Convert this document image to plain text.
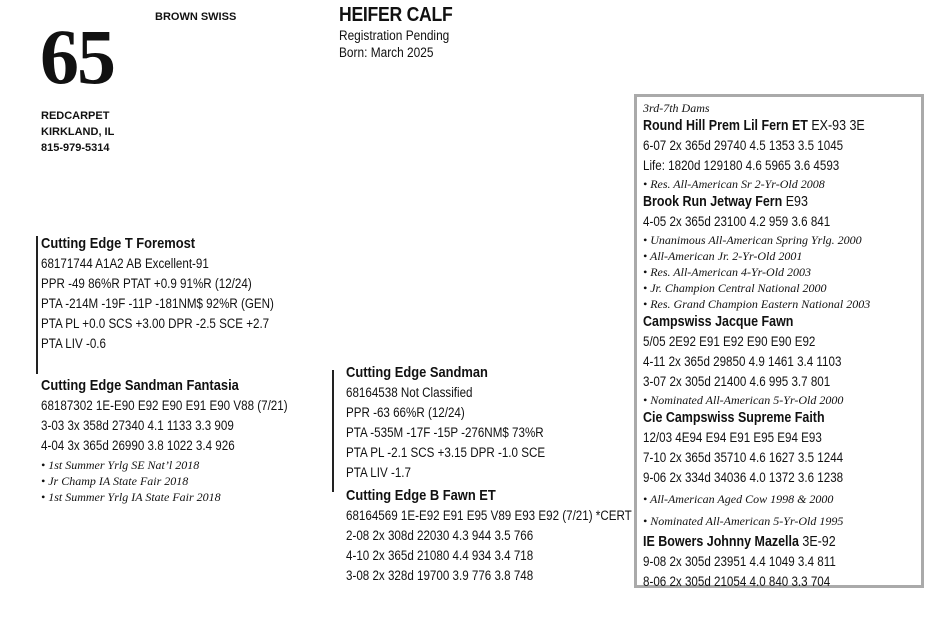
65	BROWN SWISS
REDCARPET
KIRKLAND, IL
815-979-5314
HEIFER CALF
Registration Pending
Born: March 2025
Cutting Edge T Foremost
68171744 A1A2 AB Excellent-91
PPR -49 86%R PTAT +0.9 91%R (12/24)
PTA -214M -19F -11P -181NM$ 92%R (GEN)
PTA PL +0.0 SCS +3.00 DPR -2.5 SCE +2.7
PTA LIV -0.6
Cutting Edge Sandman Fantasia
68187302 1E-E90 E92 E90 E91 E90 V88 (7/21)
3-03 3x 358d 27340 4.1 1133 3.3 909
4-04 3x 365d 26990 3.8 1022 3.4 926
• 1st Summer Yrlg SE Nat’l 2018
• Jr Champ IA State Fair 2018
• 1st Summer Yrlg IA State Fair 2018
Cutting Edge Sandman
68164538 Not Classified
PPR -63 66%R (12/24)
PTA -535M -17F -15P -276NM$ 73%R
PTA PL -2.1 SCS +3.15 DPR -1.0 SCE
PTA LIV -1.7
Cutting Edge B Fawn ET
68164569 1E-E92 E91 E95 V89 E93 E92 (7/21) *CERT
2-08 2x 308d 22030 4.3 944 3.5 766
4-10 2x 365d 21080 4.4 934 3.4 718
3-08 2x 328d 19700 3.9 776 3.8 748
3rd-7th Dams
Round Hill Prem Lil Fern ET EX-93 3E
6-07 2x 365d 29740 4.5 1353 3.5 1045
Life: 1820d 129180 4.6 5965 3.6 4593
• Res. All-American Sr 2-Yr-Old 2008
Brook Run Jetway Fern E93
4-05 2x 365d 23100 4.2 959 3.6 841
• Unanimous All-American Spring Yrlg. 2000
• All-American Jr. 2-Yr-Old 2001
• Res. All-American 4-Yr-Old 2003
• Jr. Champion Central National 2000
• Res. Grand Champion Eastern National 2003
Campswiss Jacque Fawn
5/05 2E92 E91 E92 E90 E90 E92
4-11 2x 365d 29850 4.9 1461 3.4 1103
3-07 2x 305d 21400 4.6 995 3.7 801
• Nominated All-American 5-Yr-Old 2000
Cie Campswiss Supreme Faith
12/03 4E94 E94 E91 E95 E94 E93
7-10 2x 365d 35710 4.6 1627 3.5 1244
9-06 2x 334d 34036 4.0 1372 3.6 1238
• All-American Aged Cow 1998 & 2000
• Nominated All-American 5-Yr-Old 1995
IE Bowers Johnny Mazella 3E-92
9-08 2x 305d 23951 4.4 1049 3.4 811
8-06 2x 305d 21054 4.0 840 3.3 704
